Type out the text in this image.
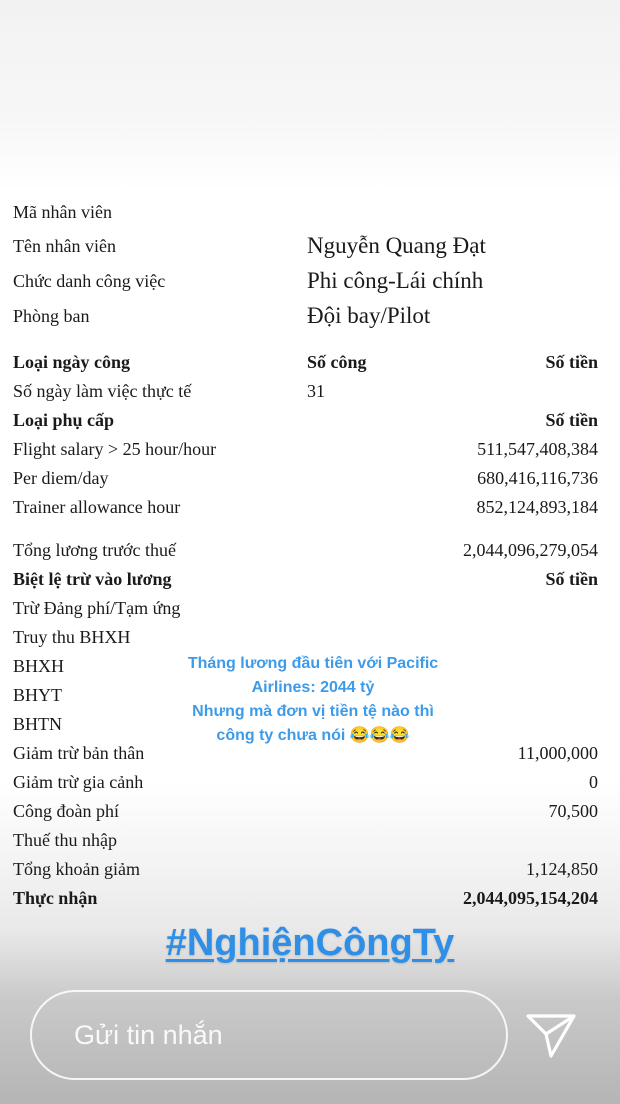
Mã nhân viên
Tên nhân viên	Nguyễn Quang Đạt
Chức danh công việc	Phi công-Lái chính
Phòng ban	Đội bay/Pilot
Loại ngày công	Số công	Số tiền
Số ngày làm việc thực tế	31
Loại phụ cấp	Số tiền
Flight salary > 25 hour/hour	511,547,408,384
Per diem/day	680,416,116,736
Trainer allowance hour	852,124,893,184
Tổng lương trước thuế	2,044,096,279,054
Biệt lệ trừ vào lương	Số tiền
Trừ Đảng phí/Tạm ứng
Truy thu BHXH
BHXH
BHYT
BHTN
Giảm trừ bản thân	11,000,000
Giảm trừ gia cảnh	0
Công đoàn phí	70,500
Thuế thu nhập
Tổng khoản giảm	1,124,850
Thực nhận	2,044,095,154,204
Tháng lương đầu tiên với Pacific
Airlines: 2044 tỷ
Nhưng mà đơn vị tiền tệ nào thì
công ty chưa nói 😂😂😂
#NghiệnCôngTy
Gửi tin nhắn
